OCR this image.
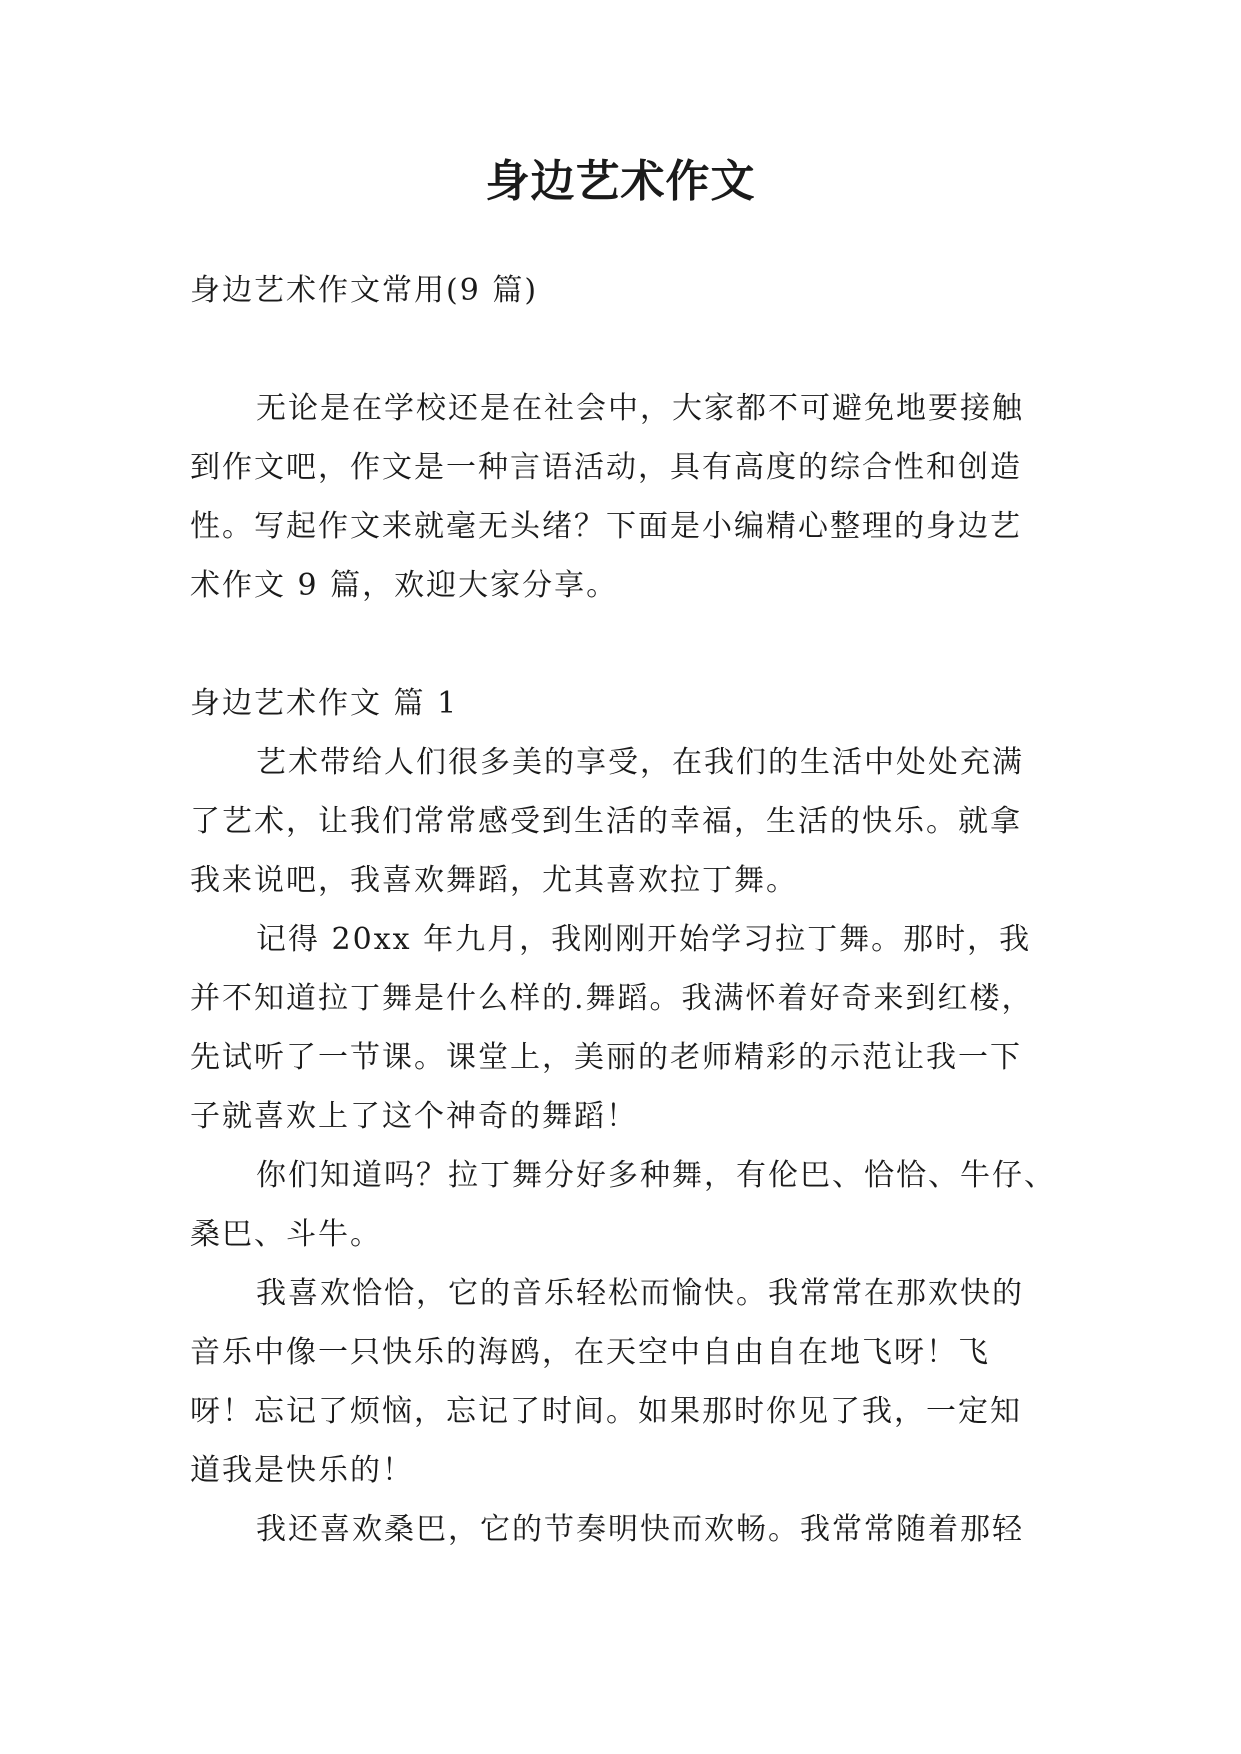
身边艺术作文
身边艺术作文常用(9 篇)
无论是在学校还是在社会中，大家都不可避免地要接触
到作文吧，作文是一种言语活动，具有高度的综合性和创造
性。写起作文来就毫无头绪？下面是小编精心整理的身边艺
术作文 9 篇，欢迎大家分享。
身边艺术作文 篇 1
艺术带给人们很多美的享受，在我们的生活中处处充满
了艺术，让我们常常感受到生活的幸福，生活的快乐。就拿
我来说吧，我喜欢舞蹈，尤其喜欢拉丁舞。
记得 20xx 年九月，我刚刚开始学习拉丁舞。那时，我
并不知道拉丁舞是什么样的.舞蹈。我满怀着好奇来到红楼，
先试听了一节课。课堂上，美丽的老师精彩的示范让我一下
子就喜欢上了这个神奇的舞蹈！
你们知道吗？拉丁舞分好多种舞，有伦巴、恰恰、牛仔、
桑巴、斗牛。
我喜欢恰恰，它的音乐轻松而愉快。我常常在那欢快的
音乐中像一只快乐的海鸥，在天空中自由自在地飞呀！飞
呀！忘记了烦恼，忘记了时间。如果那时你见了我，一定知
道我是快乐的！
我还喜欢桑巴，它的节奏明快而欢畅。我常常随着那轻
